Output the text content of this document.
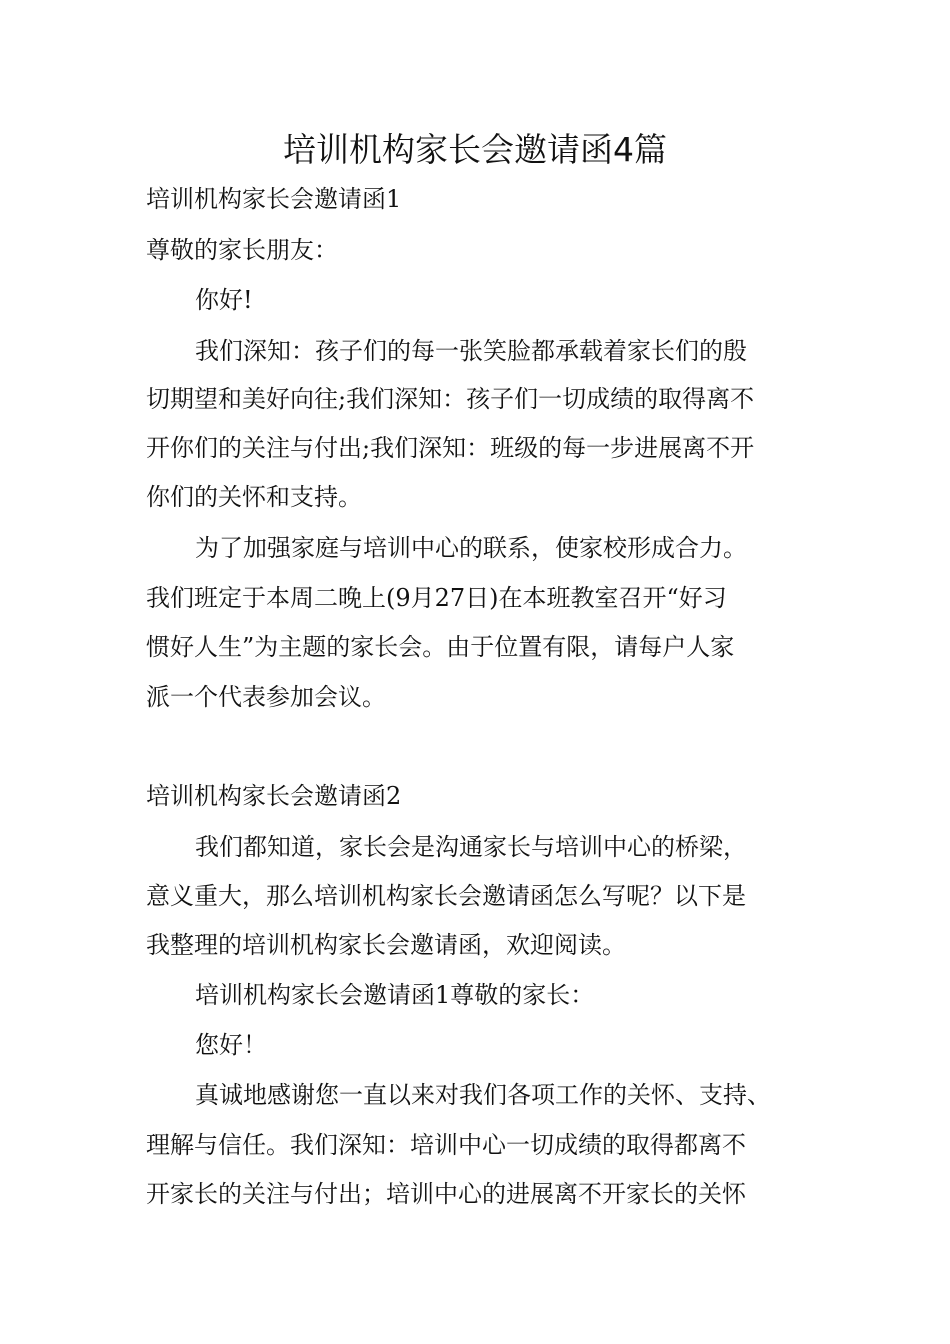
培训机构家长会邀请函4篇

培训机构家长会邀请函1

尊敬的家长朋友：

你好!

我们深知：孩子们的每一张笑脸都承载着家长们的殷

切期望和美好向往;我们深知：孩子们一切成绩的取得离不

开你们的关注与付出;我们深知：班级的每一步进展离不开

你们的关怀和支持。

为了加强家庭与培训中心的联系，使家校形成合力。

我们班定于本周二晚上(9月27日)在本班教室召开“好习

惯好人生”为主题的家长会。由于位置有限，请每户人家

派一个代表参加会议。

培训机构家长会邀请函2

我们都知道，家长会是沟通家长与培训中心的桥梁，

意义重大，那么培训机构家长会邀请函怎么写呢？以下是

我整理的培训机构家长会邀请函，欢迎阅读。

培训机构家长会邀请函1尊敬的家长：

您好！

真诚地感谢您一直以来对我们各项工作的关怀、支持、

理解与信任。我们深知：培训中心一切成绩的取得都离不

开家长的关注与付出；培训中心的进展离不开家长的关怀
